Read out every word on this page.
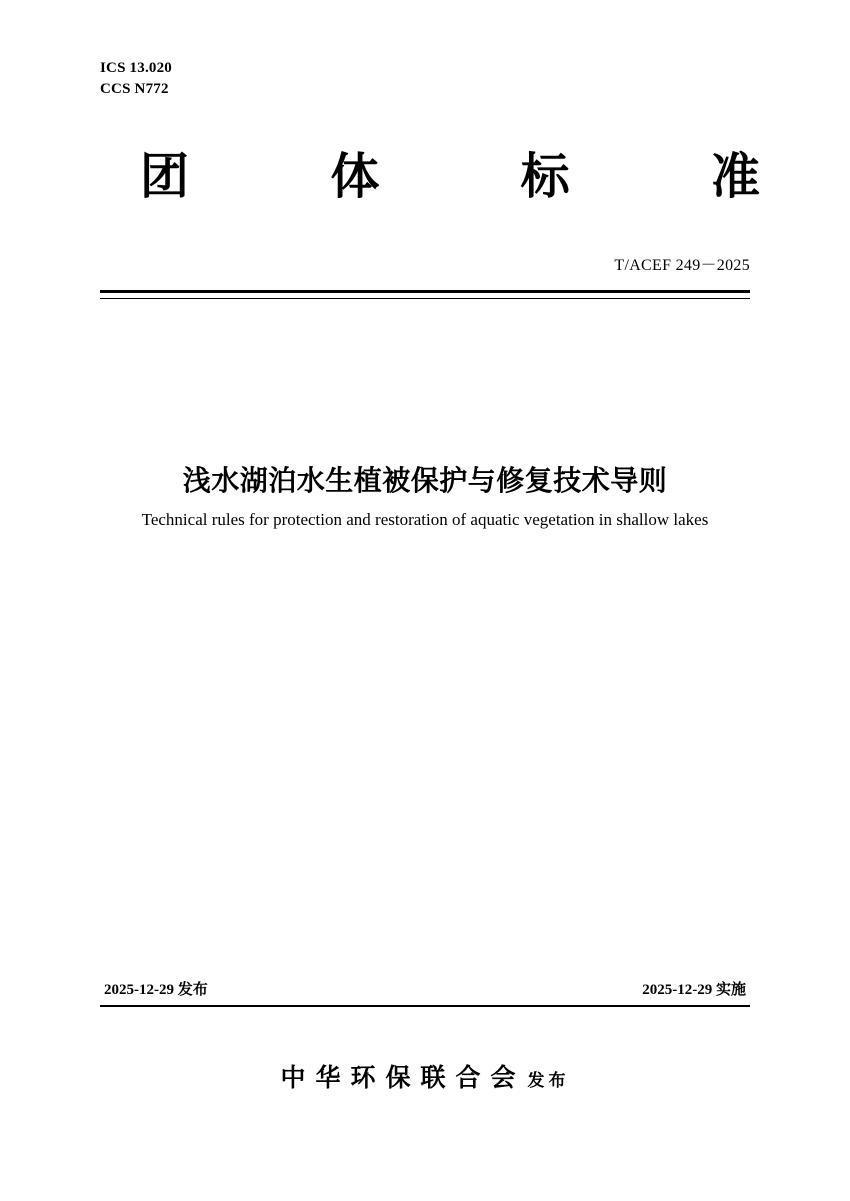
ICS 13.020
CCS N772
团	体	标	准
T/ACEF 249－2025
浅水湖泊水生植被保护与修复技术导则
Technical rules for protection and restoration of aquatic vegetation in shallow lakes
2025-12-29 发布	2025-12-29 实施
中华环保联合会 发布
